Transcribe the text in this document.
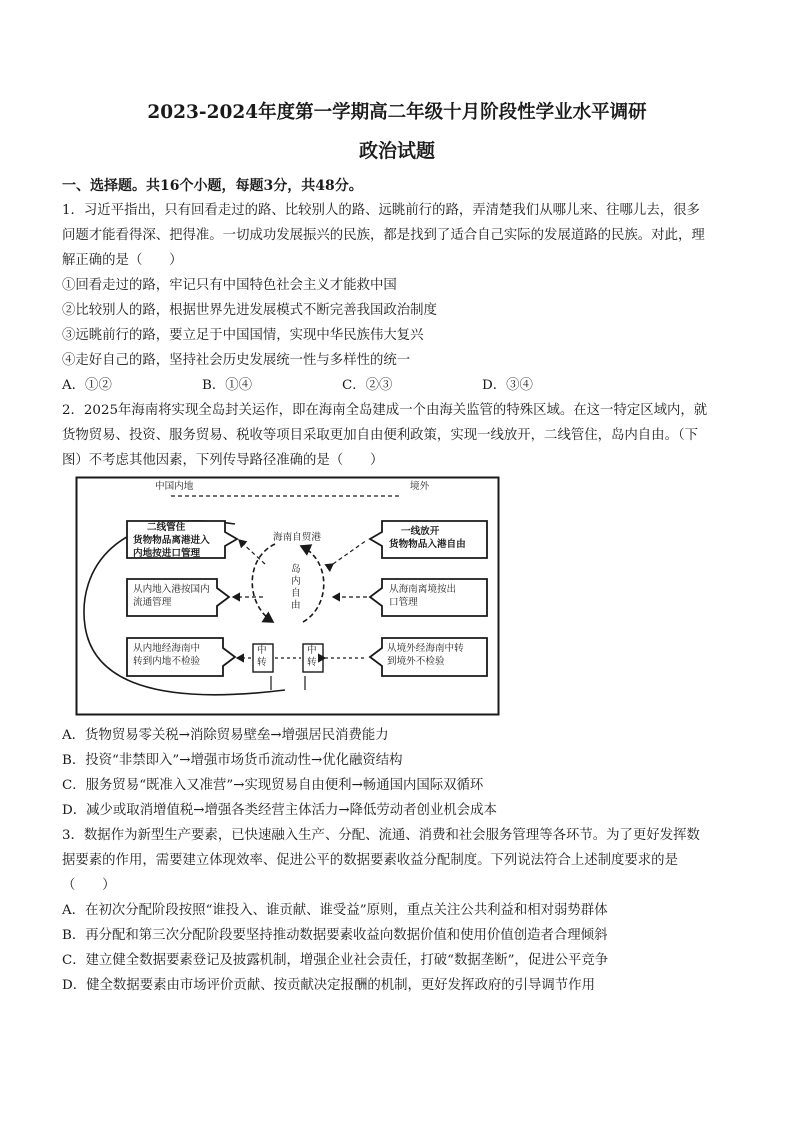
2023-2024年度第一学期高二年级十月阶段性学业水平调研
政治试题
一、选择题。共16个小题，每题3分，共48分。
1．习近平指出，只有回看走过的路、比较别人的路、远眺前行的路，弄清楚我们从哪儿来、往哪儿去，很多
问题才能看得深、把得准。一切成功发展振兴的民族，都是找到了适合自己实际的发展道路的民族。对此，理
解正确的是（　　）
①回看走过的路，牢记只有中国特色社会主义才能救中国
②比较别人的路，根据世界先进发展模式不断完善我国政治制度
③远眺前行的路，要立足于中国国情，实现中华民族伟大复兴
④走好自己的路，坚持社会历史发展统一性与多样性的统一
A．①②	B．①④	C．②③	D．③④
2．2025年海南将实现全岛封关运作，即在海南全岛建成一个由海关监管的特殊区域。在这一特定区域内，就
货物贸易、投资、服务贸易、税收等项目采取更加自由便利政策，实现一线放开，二线管住，岛内自由。（下
图）不考虑其他因素，下列传导路径准确的是（　　）
中国内地	境外
海南自贸港
岛
内
自
由
二线管住
货物物品离港进入
内地按进口管理
从内地入港按国内
流通管理
从内地经海南中
转到内地不检验
一线放开
货物物品入港自由
从海南离境按出
口管理
从境外经海南中转
到境外不检验
中
转
中
转
A．货物贸易零关税→消除贸易壁垒→增强居民消费能力
B．投资“非禁即入”→增强市场货币流动性→优化融资结构
C．服务贸易“既准入又准营”→实现贸易自由便利→畅通国内国际双循环
D．减少或取消增值税→增强各类经营主体活力→降低劳动者创业机会成本
3．数据作为新型生产要素，已快速融入生产、分配、流通、消费和社会服务管理等各环节。为了更好发挥数
据要素的作用，需要建立体现效率、促进公平的数据要素收益分配制度。下列说法符合上述制度要求的是
（　　）
A．在初次分配阶段按照“谁投入、谁贡献、谁受益”原则，重点关注公共利益和相对弱势群体
B．再分配和第三次分配阶段要坚持推动数据要素收益向数据价值和使用价值创造者合理倾斜
C．建立健全数据要素登记及披露机制，增强企业社会责任，打破“数据垄断”，促进公平竞争
D．健全数据要素由市场评价贡献、按贡献决定报酬的机制，更好发挥政府的引导调节作用
